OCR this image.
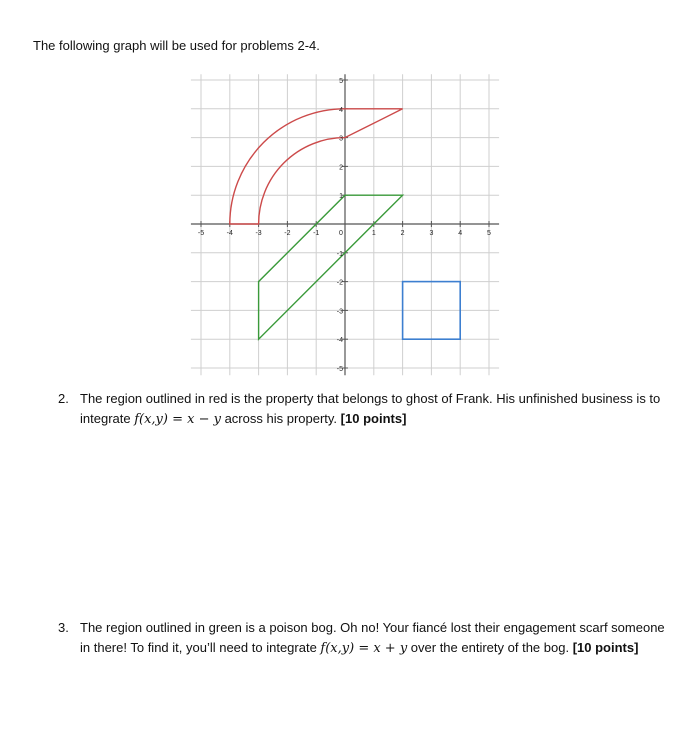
The following graph will be used for problems 2-4.
-5	-4	-3	-2	-1	0	1	2	3	4	5
5
4
3
2
1
-1
-2
-3
-4
-5
2. The region outlined in red is the property that belongs to ghost of Frank. His unfinished business is to integrate f(x,y) = x − y across his property. [10 points]
3. The region outlined in green is a poison bog. Oh no! Your fiancé lost their engagement scarf someone in there! To find it, you’ll need to integrate f(x,y) = x + y over the entirety of the bog. [10 points]
